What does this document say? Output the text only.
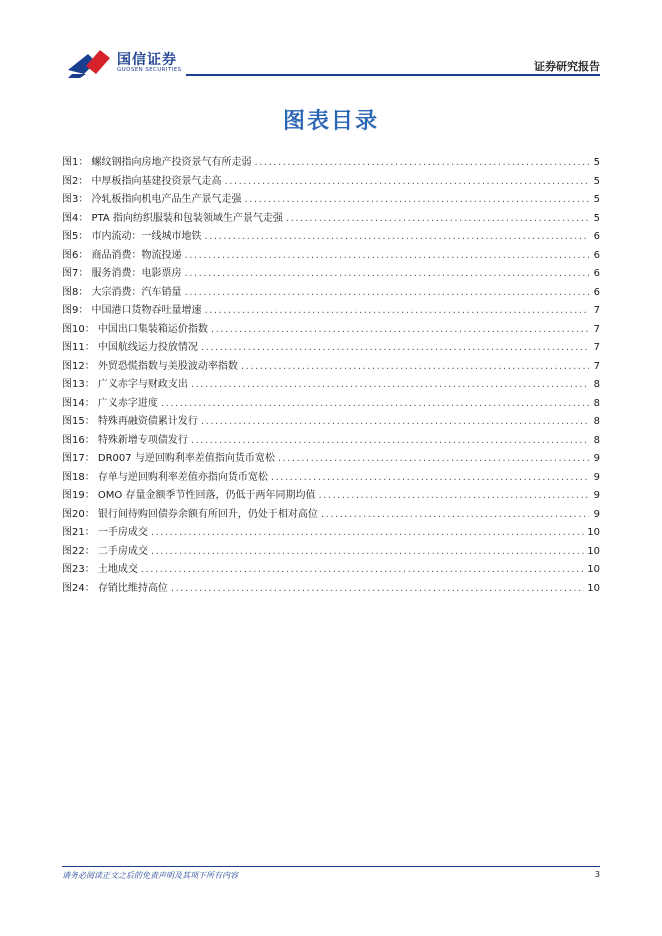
国信证券
GUOSEN SECURITIES	证券研究报告
图表目录
图1： 螺纹钢指向房地产投资景气有所走弱 .....	5
图2： 中厚板指向基建投资景气走高 .....	5
图3： 冷轧板指向机电产品生产景气走强 .....	5
图4： PTA 指向纺织服装和包装领域生产景气走强 .....	5
图5： 市内流动：一线城市地铁 .....	6
图6： 商品消费：物流投递 .....	6
图7： 服务消费：电影票房 .....	6
图8： 大宗消费：汽车销量 .....	6
图9： 中国港口货物吞吐量增速 .....	7
图10： 中国出口集装箱运价指数 .....	7
图11： 中国航线运力投放情况 .....	7
图12： 外贸恐慌指数与美股波动率指数 .....	7
图13： 广义赤字与财政支出 .....	8
图14： 广义赤字进度 .....	8
图15： 特殊再融资债累计发行 .....	8
图16： 特殊新增专项债发行 .....	8
图17： DR007 与逆回购利率差值指向货币宽松 .....	9
图18： 存单与逆回购利率差值亦指向货币宽松 .....	9
图19： OMO 存量金额季节性回落，仍低于两年同期均值 .....	9
图20： 银行间待购回债券余额有所回升，仍处于相对高位 .....	9
图21： 一手房成交 .....	10
图22： 二手房成交 .....	10
图23： 土地成交 .....	10
图24： 存销比维持高位 .....	10
请务必阅读正文之后的免责声明及其项下所有内容	3
